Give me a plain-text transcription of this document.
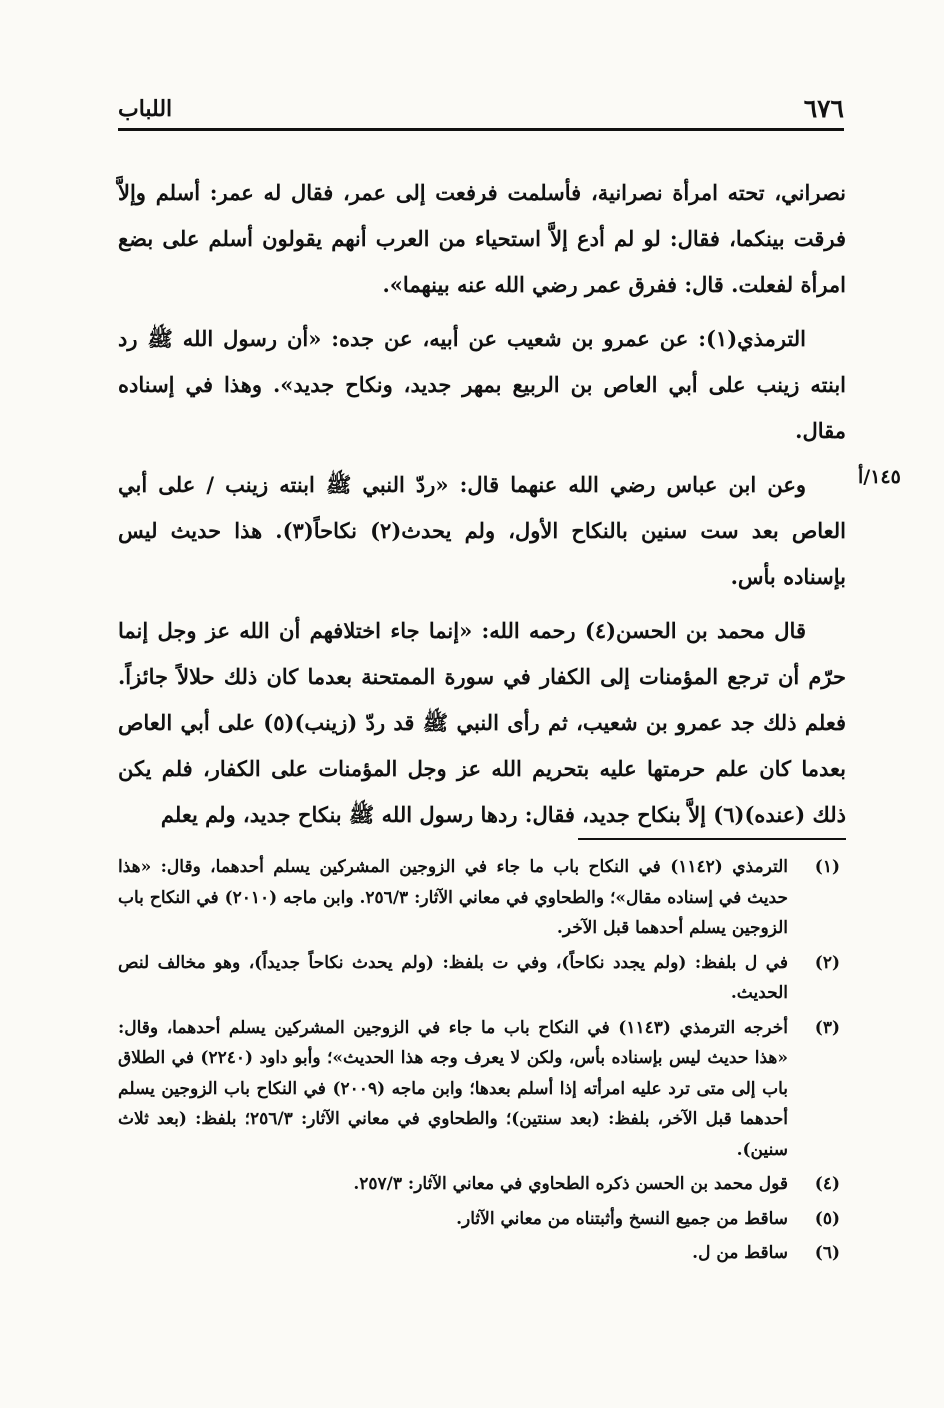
٦٧٦
اللباب
١٤٥/أ

نصراني، تحته امرأة نصرانية، فأسلمت فرفعت إلى عمر، فقال له عمر: أسلم وإلاَّ فرقت بينكما، فقال: لو لم أدع إلاَّ استحياء من العرب أنهم يقولون أسلم على بضع امرأة لفعلت. قال: ففرق عمر رضي الله عنه بينهما».

الترمذي(١): عن عمرو بن شعيب عن أبيه، عن جده: «أن رسول الله ﷺ رد ابنته زينب على أبي العاص بن الربيع بمهر جديد، ونكاح جديد». وهذا في إسناده مقال.

وعن ابن عباس رضي الله عنهما قال: «ردّ النبي ﷺ ابنته زينب / على أبي العاص بعد ست سنين بالنكاح الأول، ولم يحدث(٢) نكاحاً(٣). هذا حديث ليس بإسناده بأس.

قال محمد بن الحسن(٤) رحمه الله: «إنما جاء اختلافهم أن الله عز وجل إنما حرّم أن ترجع المؤمنات إلى الكفار في سورة الممتحنة بعدما كان ذلك حلالاً جائزاً. فعلم ذلك جد عمرو بن شعيب، ثم رأى النبي ﷺ قد ردّ (زينب)(٥) على أبي العاص بعدما كان علم حرمتها عليه بتحريم الله عز وجل المؤمنات على الكفار، فلم يكن ذلك (عنده)(٦) إلاَّ بنكاح جديد، فقال: ردها رسول الله ﷺ بنكاح جديد، ولم يعلم

(١)
الترمذي (١١٤٢) في النكاح باب ما جاء في الزوجين المشركين يسلم أحدهما، وقال: «هذا حديث في إسناده مقال»؛ والطحاوي في معاني الآثار: ٢٥٦/٣. وابن ماجه (٢٠١٠) في النكاح باب الزوجين يسلم أحدهما قبل الآخر.
(٢)
في ل بلفظ: (ولم يجدد نكاحاً)، وفي ت بلفظ: (ولم يحدث نكاحاً جديداً)، وهو مخالف لنص الحديث.
(٣)
أخرجه الترمذي (١١٤٣) في النكاح باب ما جاء في الزوجين المشركين يسلم أحدهما، وقال: «هذا حديث ليس بإسناده بأس، ولكن لا يعرف وجه هذا الحديث»؛ وأبو داود (٢٢٤٠) في الطلاق باب إلى متى ترد عليه امرأته إذا أسلم بعدها؛ وابن ماجه (٢٠٠٩) في النكاح باب الزوجين يسلم أحدهما قبل الآخر، بلفظ: (بعد سنتين)؛ والطحاوي في معاني الآثار: ٢٥٦/٣؛ بلفظ: (بعد ثلاث سنين).
(٤)
قول محمد بن الحسن ذكره الطحاوي في معاني الآثار: ٢٥٧/٣.
(٥)
ساقط من جميع النسخ وأثبتناه من معاني الآثار.
(٦)
ساقط من ل.
